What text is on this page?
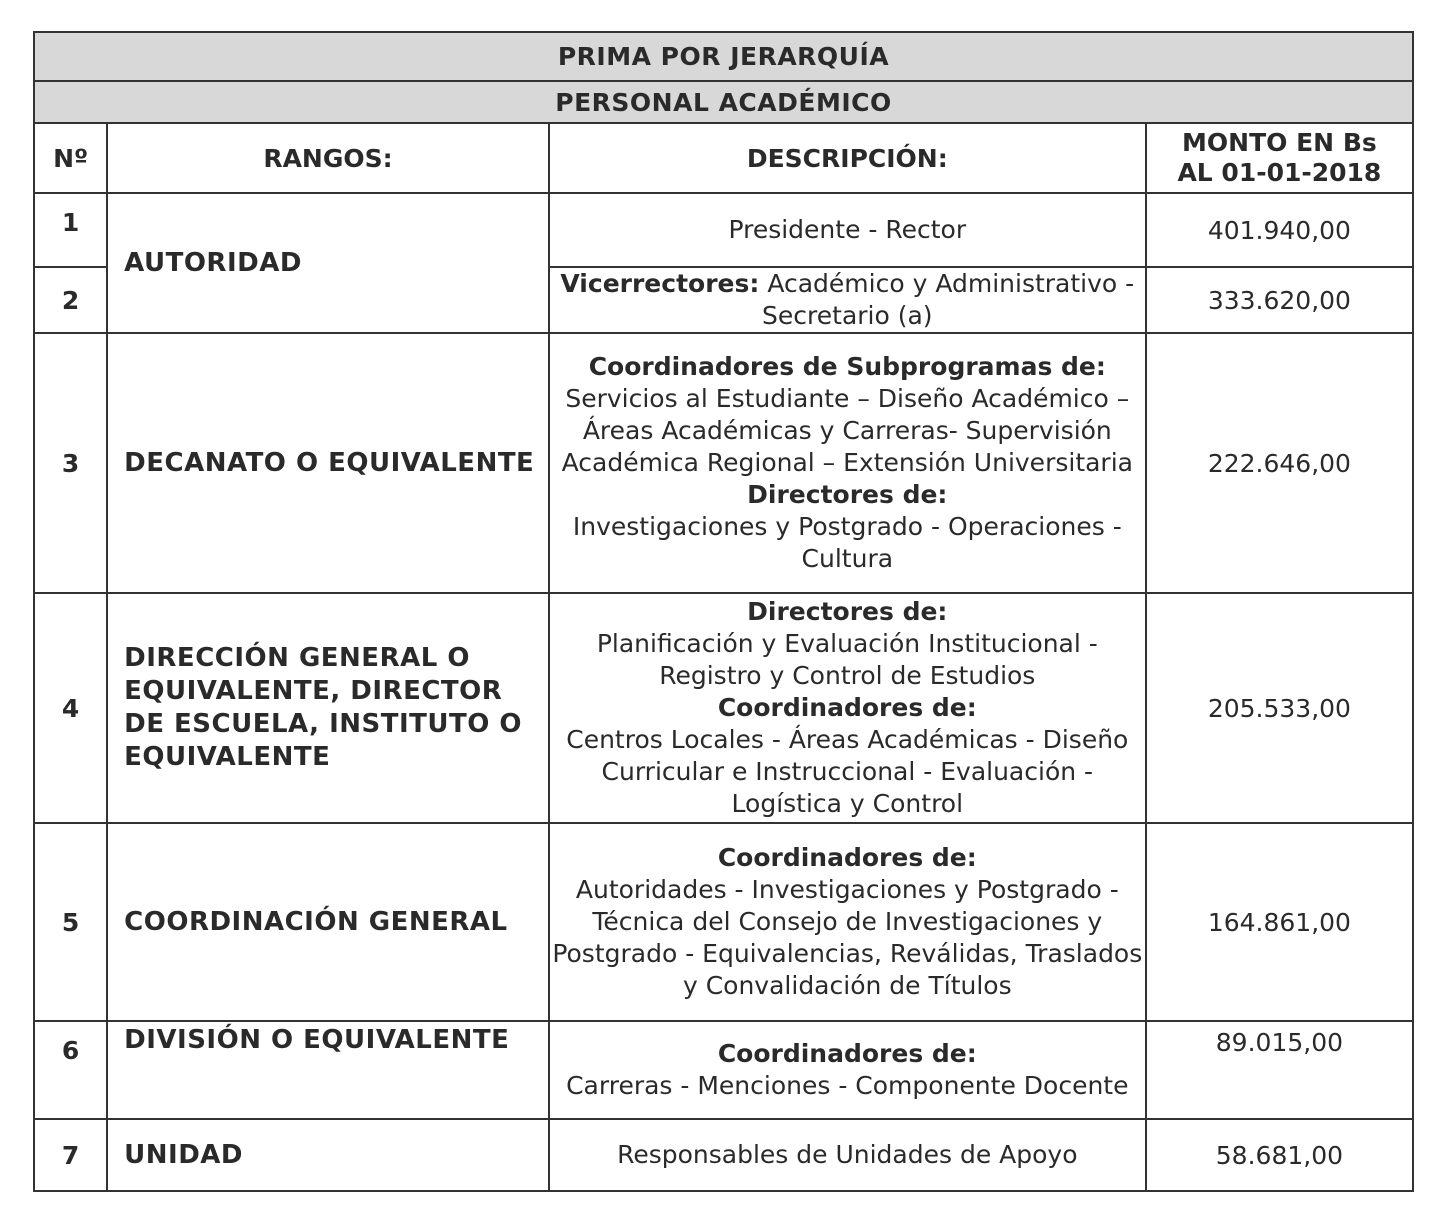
PRIMA POR JERARQUÍA			
PERSONAL ACADÉMICO			
Nº	RANGOS:	DESCRIPCIÓN:	MONTO EN Bs
AL 01-01-2018
1	AUTORIDAD	Presidente - Rector	401.940,00
2		Vicerrectores: Académico y Administrativo - Secretario (a)	333.620,00
3	DECANATO O EQUIVALENTE	Coordinadores de Subprogramas de:
Servicios al Estudiante – Diseño Académico – Áreas Académicas y Carreras- Supervisión Académica Regional – Extensión Universitaria
Directores de:
Investigaciones y Postgrado - Operaciones - Cultura	222.646,00
4	DIRECCIÓN GENERAL O EQUIVALENTE, DIRECTOR DE ESCUELA, INSTITUTO O EQUIVALENTE	Directores de:
Planificación y Evaluación Institucional - Registro y Control de Estudios
Coordinadores de:
Centros Locales - Áreas Académicas - Diseño Curricular e Instruccional - Evaluación - Logística y Control	205.533,00
5	COORDINACIÓN GENERAL	Coordinadores de:
Autoridades - Investigaciones y Postgrado - Técnica del Consejo de Investigaciones y Postgrado - Equivalencias, Reválidas, Traslados y Convalidación de Títulos	164.861,00
6	DIVISIÓN O EQUIVALENTE	Coordinadores de:
Carreras - Menciones - Componente Docente	89.015,00
7	UNIDAD	Responsables de Unidades de Apoyo	58.681,00
